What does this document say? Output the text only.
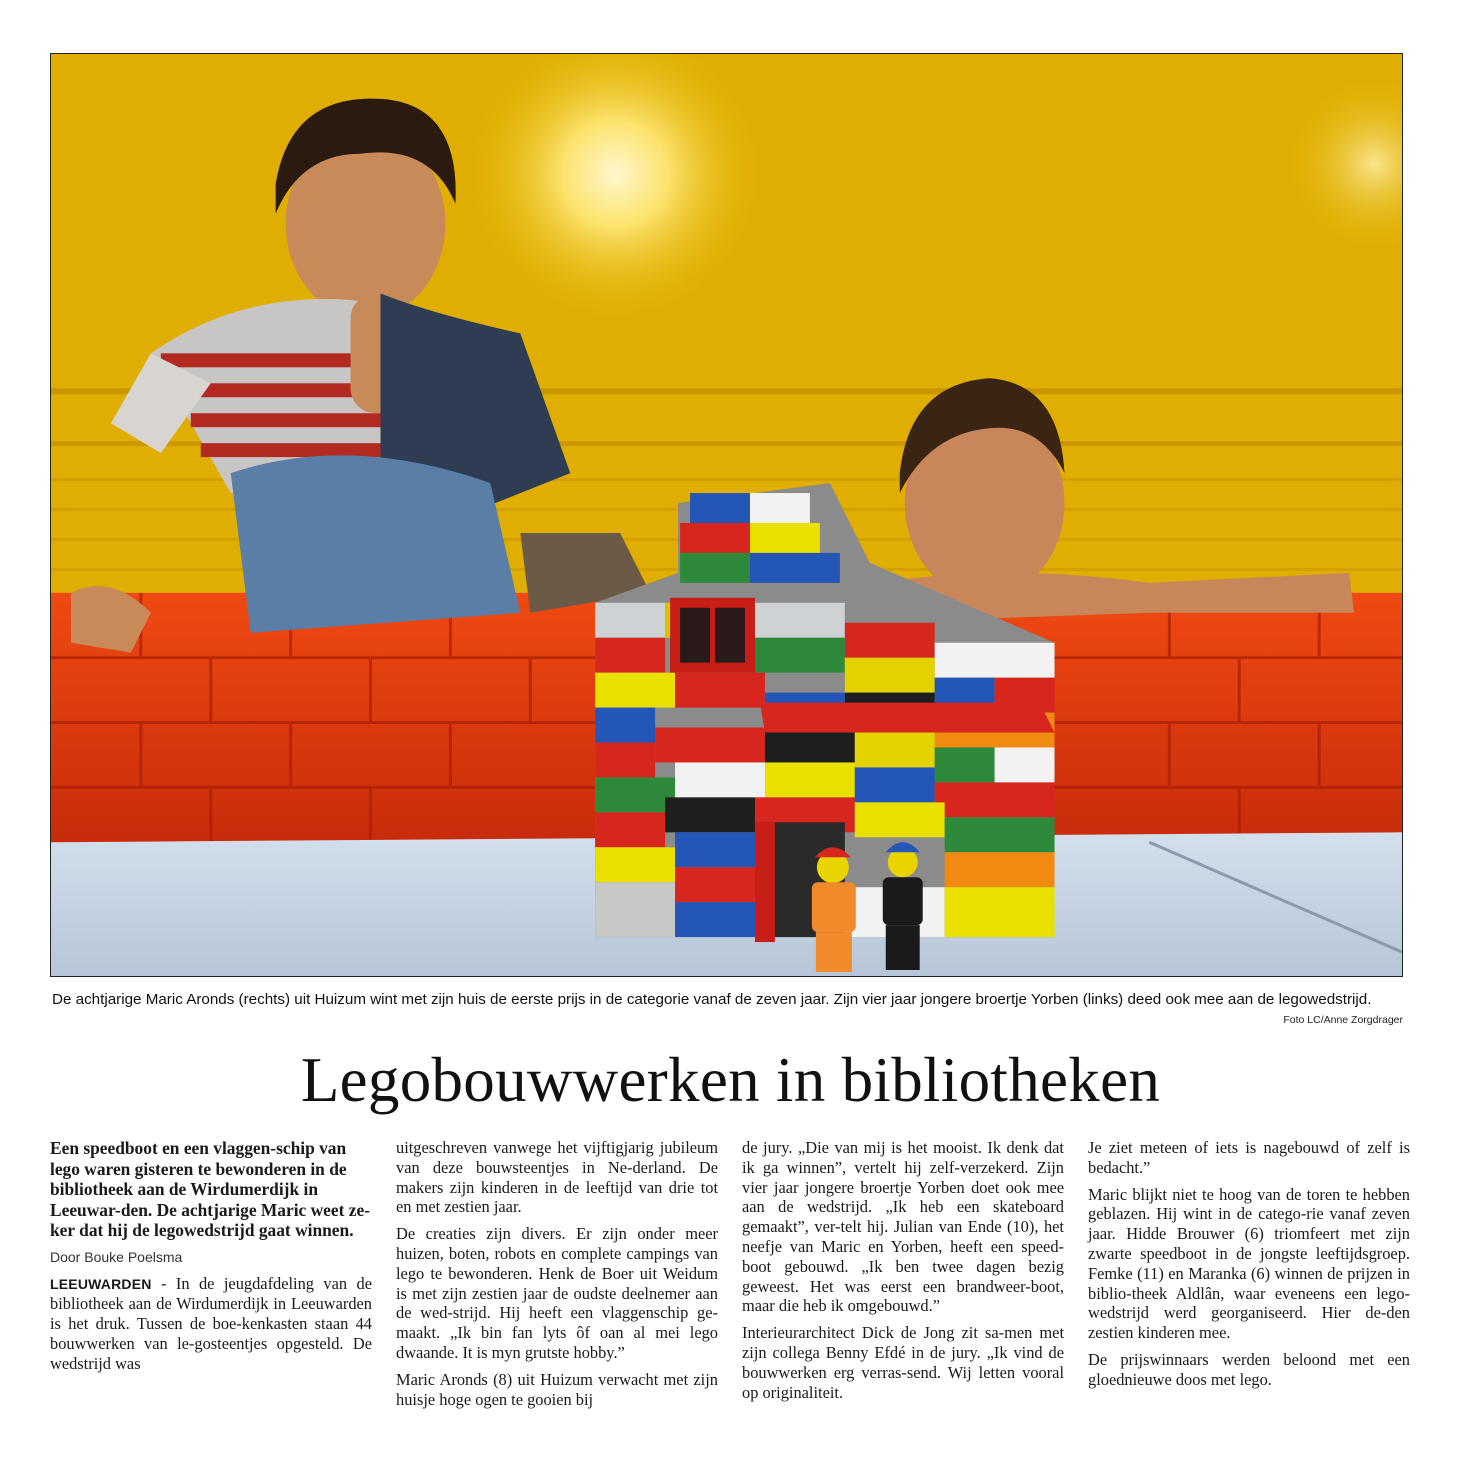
De achtjarige Maric Aronds (rechts) uit Huizum wint met zijn huis de eerste prijs in de categorie vanaf de zeven jaar. Zijn vier jaar jongere broertje Yorben (links) deed ook mee aan de legowedstrijd.
Foto LC/Anne Zorgdrager
Legobouwwerken in bibliotheken

Een speedboot en een vlaggen-schip van lego waren gisteren te bewonderen in de bibliotheek aan de Wirdumerdijk in Leeuwar-den. De achtjarige Maric weet ze-ker dat hij de legowedstrijd gaat winnen.

Door Bouke Poelsma

LEEUWARDEN - In de jeugdafdeling van de bibliotheek aan de Wirdumerdijk in Leeuwarden is het druk. Tussen de boe-kenkasten staan 44 bouwwerken van le-gosteentjes opgesteld. De wedstrijd was

uitgeschreven vanwege het vijftigjarig jubileum van deze bouwsteentjes in Ne-derland. De makers zijn kinderen in de leeftijd van drie tot en met zestien jaar.

De creaties zijn divers. Er zijn onder meer huizen, boten, robots en complete campings van lego te bewonderen. Henk de Boer uit Weidum is met zijn zestien jaar de oudste deelnemer aan de wed-strijd. Hij heeft een vlaggenschip ge-maakt. „Ik bin fan lyts ôf oan al mei lego dwaande. It is myn grutste hobby.”

Maric Aronds (8) uit Huizum verwacht met zijn huisje hoge ogen te gooien bij

de jury. „Die van mij is het mooist. Ik denk dat ik ga winnen”, vertelt hij zelf-verzekerd. Zijn vier jaar jongere broertje Yorben doet ook mee aan de wedstrijd. „Ik heb een skateboard gemaakt”, ver-telt hij. Julian van Ende (10), het neefje van Maric en Yorben, heeft een speed-boot gebouwd. „Ik ben twee dagen bezig geweest. Het was eerst een brandweer-boot, maar die heb ik omgebouwd.”

Interieurarchitect Dick de Jong zit sa-men met zijn collega Benny Efdé in de jury. „Ik vind de bouwwerken erg verras-send. Wij letten vooral op originaliteit.

Je ziet meteen of iets is nagebouwd of zelf is bedacht.”

Maric blijkt niet te hoog van de toren te hebben geblazen. Hij wint in de catego-rie vanaf zeven jaar. Hidde Brouwer (6) triomfeert met zijn zwarte speedboot in de jongste leeftijdsgroep. Femke (11) en Maranka (6) winnen de prijzen in biblio-theek Aldlân, waar eveneens een lego-wedstrijd werd georganiseerd. Hier de-den zestien kinderen mee.

De prijswinnaars werden beloond met een gloednieuwe doos met lego.
